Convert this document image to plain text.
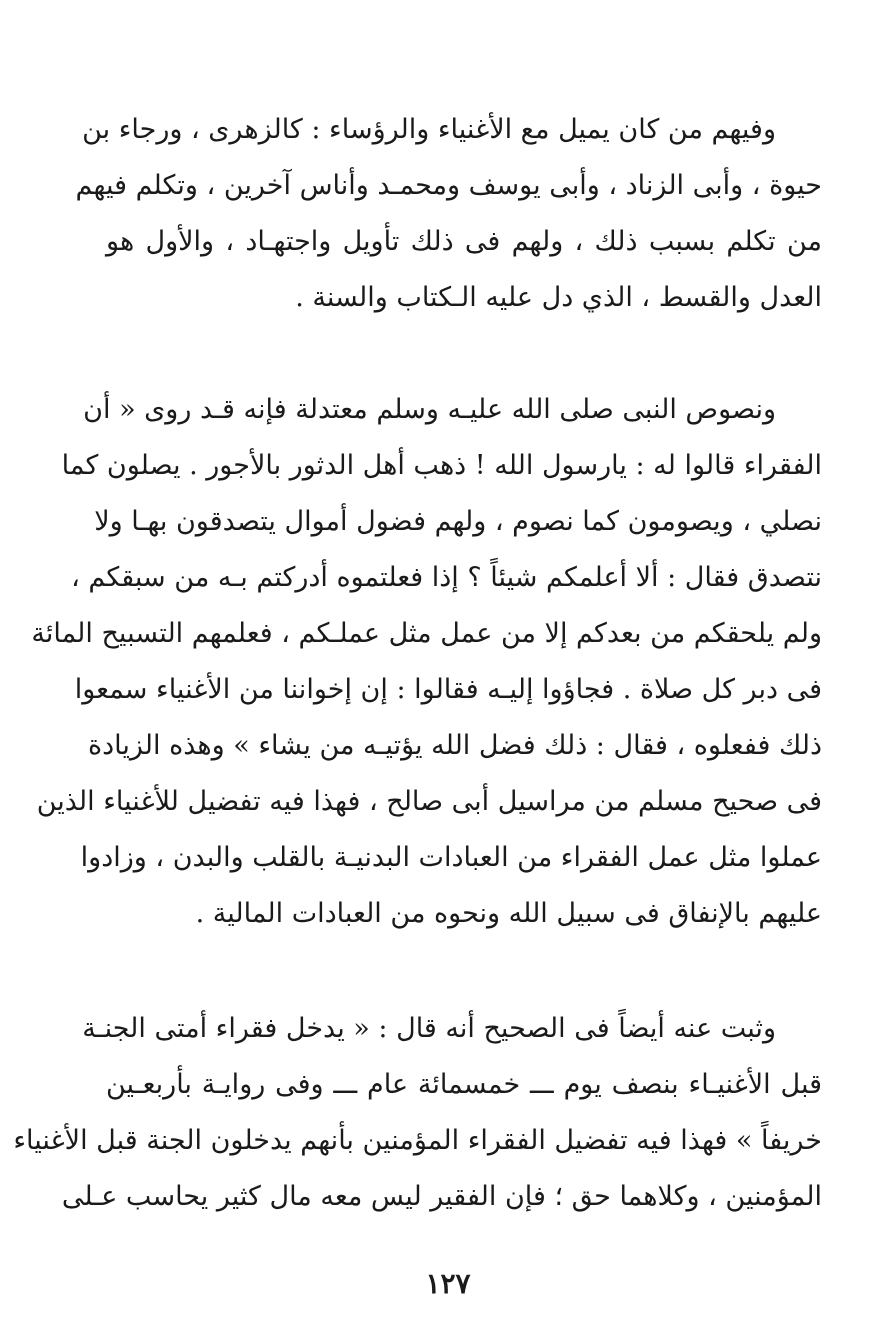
وفيهم من كان يميل مع الأغنياء والرؤساء : كالزهرى ، ورجاء بن
حيوة ، وأبى الزناد ، وأبى يوسف ومحمـد وأناس آخرين ، وتكلم فيهم
من تكلم بسبب ذلك ، ولهم فى ذلك تأويل واجتهـاد ، والأول هو
العدل والقسط ، الذي دل عليه الـكتاب والسنة .
ونصوص النبى صلى الله عليـه وسلم معتدلة فإنه قـد روى « أن
الفقراء قالوا له : يارسول الله ! ذهب أهل الدثور بالأجور . يصلون كما
نصلي ، ويصومون كما نصوم ، ولهم فضول أموال يتصدقون بهـا ولا
نتصدق فقال : ألا أعلمكم شيئاً ؟ إذا فعلتموه أدركتم بـه من سبقكم ،
ولم يلحقكم من بعدكم إلا من عمل مثل عملـكم ، فعلمهم التسبيح المائة
فى دبر كل صلاة . فجاؤوا إليـه فقالوا : إن إخواننا من الأغنياء سمعوا
ذلك ففعلوه ، فقال : ذلك فضل الله يؤتيـه من يشاء » وهذه الزيادة
فى صحيح مسلم من مراسيل أبى صالح ، فهذا فيه تفضيل للأغنياء الذين
عملوا مثل عمل الفقراء من العبادات البدنيـة بالقلب والبدن ، وزادوا
عليهم بالإنفاق فى سبيل الله ونحوه من العبادات المالية .
وثبت عنه أيضاً فى الصحيح أنه قال : « يدخل فقراء أمتى الجنـة
قبل الأغنيـاء بنصف يوم ـــ خمسمائة عام ـــ وفى روايـة بأربعـين
خريفاً » فهذا فيه تفضيل الفقراء المؤمنين بأنهم يدخلون الجنة قبل الأغنياء
المؤمنين ، وكلاهما حق ؛ فإن الفقير ليس معه مال كثير يحاسب عـلى
١٢٧
